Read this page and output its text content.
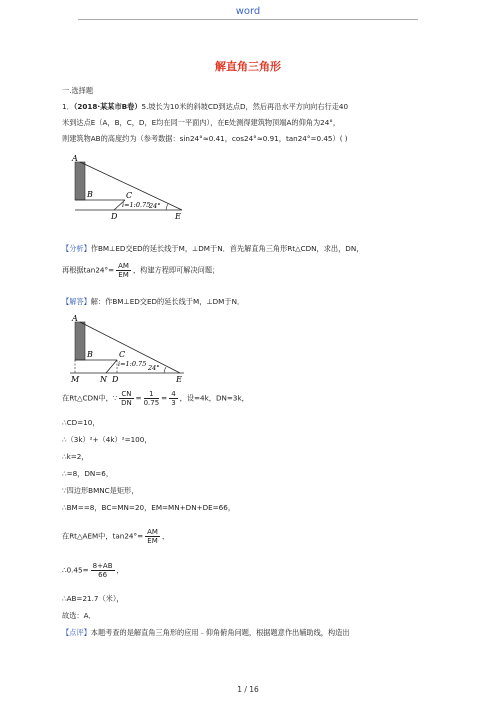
word
解直角三角形
一.选择题
1．（2018·某某市B卷）5.坡长为10米的斜坡CD到达点D，然后再沿水平方向向右行走40
米到达点E（A，B，C，D，E均在同一平面内），在E处测得建筑物顶端A的仰角为24°，
则建筑物AB的高度约为（参考数据：sin24°≈0.41，cos24°≈0.91，tan24°=0.45）( )
A
B	C
D	E
i=1:0.75
24°
【分析】作BM⊥ED交ED的延长线于M，⊥DM于N．首先解直角三角形Rt△CDN，求出，DN，
再根据$\tan 24^\circ= \frac{AM}{EM}$ ，构建方程即可解决问题；
【解答】解：作BM⊥ED交ED的延长线于M，⊥DM于N．
A
B	C
M	N D	E
i=1:0.75 24°
在Rt△CDN中，∵ $\frac{CN}{DN} = \frac{1}{0.75} = \frac{4}{3}$ ，设=4k，DN=3k，
∴CD=10，
∴（3k）²+（4k）²=100，
∴k=2，
∴=8，DN=6，
∵四边形BMNC是矩形，
∴BM==8，BC=MN=20，EM=MN+DN+DE=66，
在Rt△AEM中，$\tan 24^\circ= \frac{AM}{EM}$ ，
∴0.45= $\frac{8+AB}{66}$ ，
∴AB=21.7（米），
故选：A．
【点评】本题考查的是解直角三角形的应用﹣仰角俯角问题，根据题意作出辅助线，构造出
1 / 16
